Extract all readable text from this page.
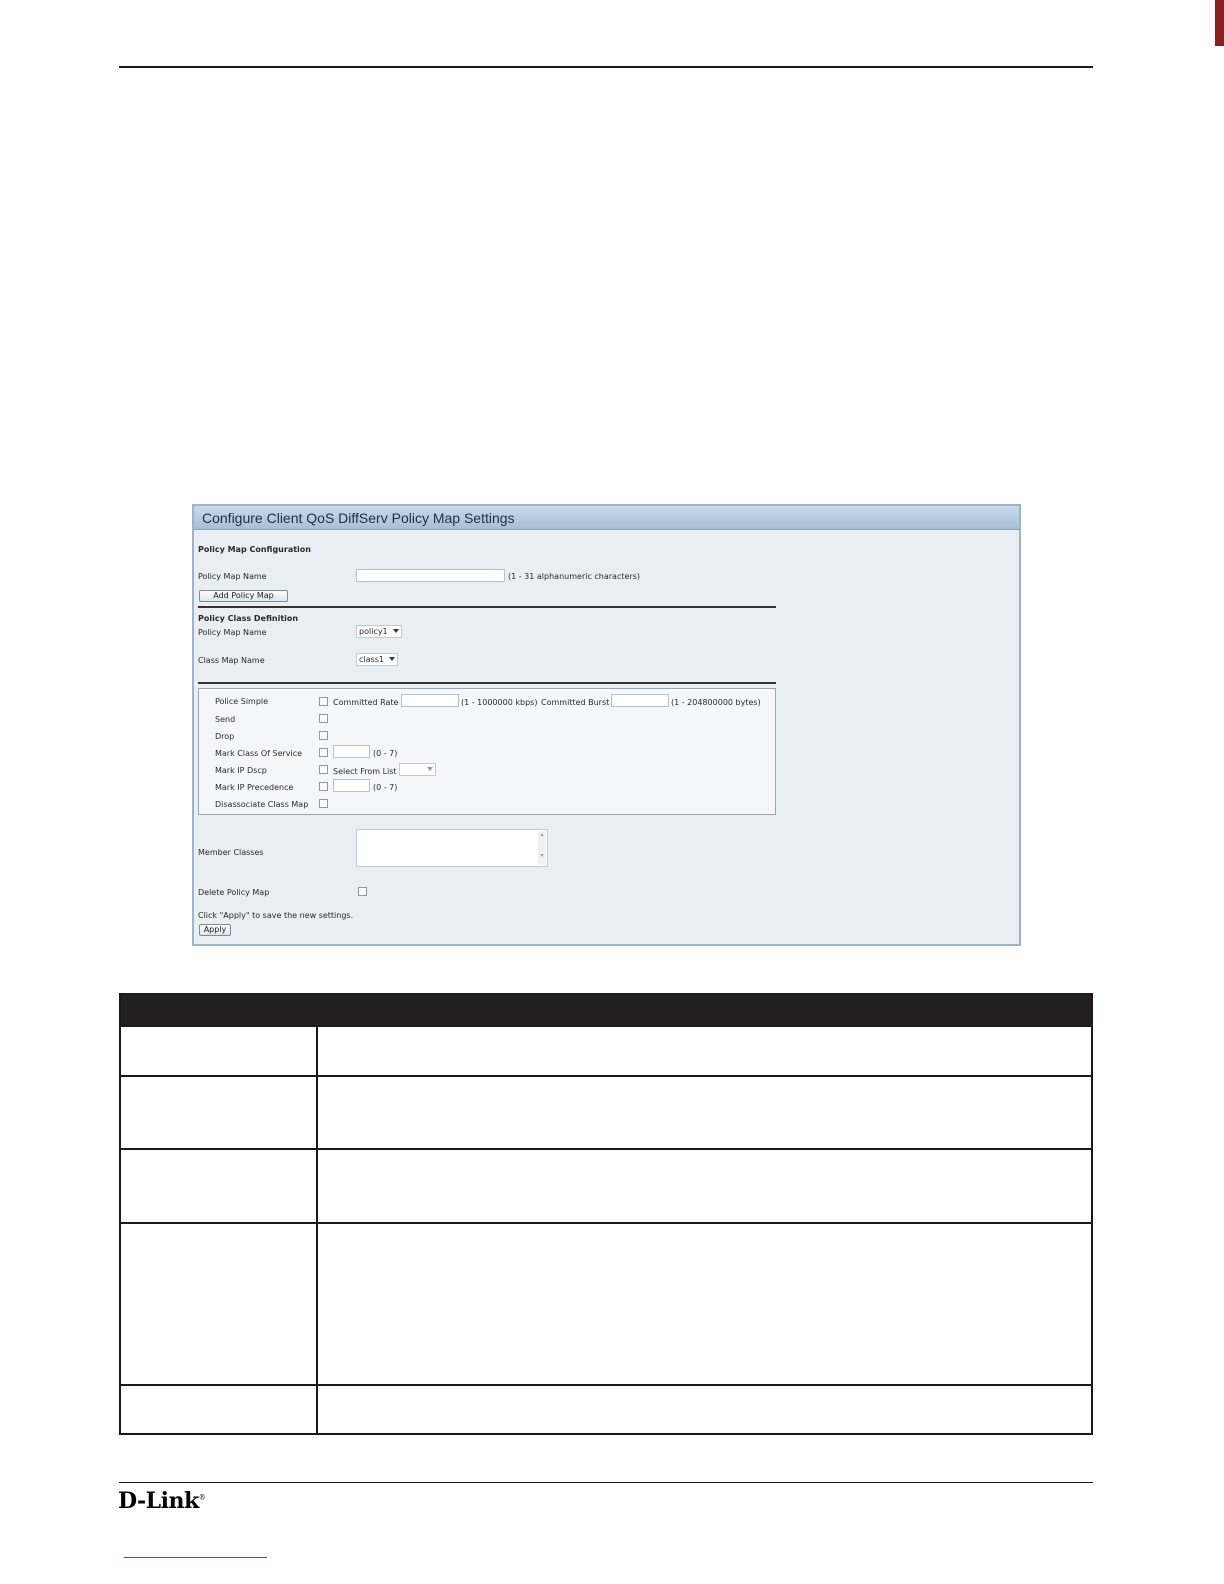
Configure Client QoS DiffServ Policy Map Settings
Policy Map Configuration
Policy Map Name	(1 - 31 alphanumeric characters)
Add Policy Map
Policy Class Definition
Policy Map Name	policy1
Class Map Name	class1
Police Simple	Committed Rate	(1 - 1000000 kbps) Committed Burst	(1 - 204800000 bytes)
Send
Drop
Mark Class Of Service	(0 - 7)
Mark IP Dscp	Select From List
Mark IP Precedence	(0 - 7)
Disassociate Class Map
Member Classes
▴

▾
Delete Policy Map
Click "Apply" to save the new settings.
Apply
D-Link®
